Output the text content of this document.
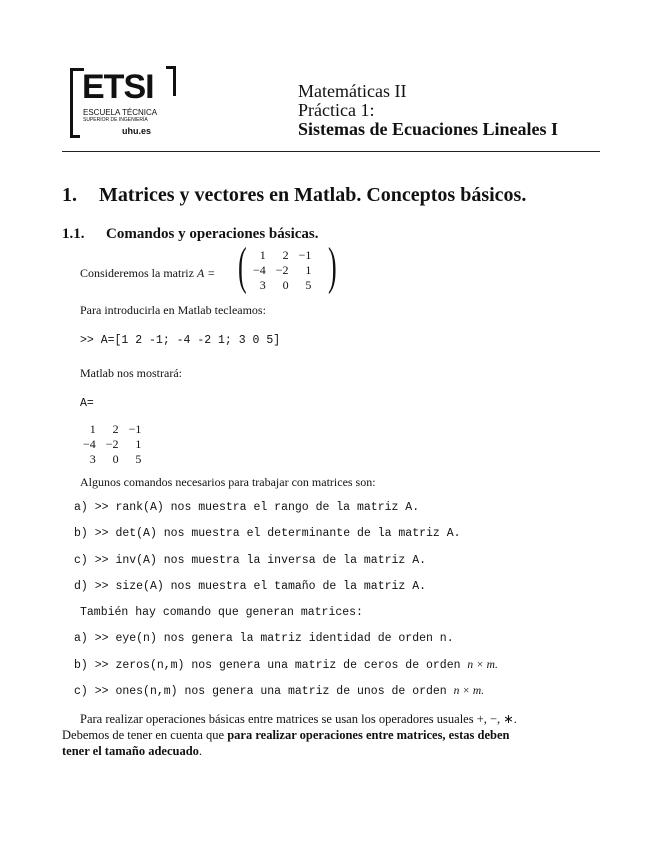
ETSI
ESCUELA TÉCNICA
SUPERIOR DE INGENIERÍA
uhu.es
Matemáticas II
Práctica 1:
Sistemas de Ecuaciones Lineales I
1. Matrices y vectores en Matlab. Conceptos básicos.
1.1. Comandos y operaciones básicas.
Consideremos la matriz A = ( 1	2	−1
−4	−2	1
3	0	5 )
Para introducirla en Matlab tecleamos:
>> A=[1 2 -1; -4 -2 1; 3 0 5]
Matlab nos mostrará:
A=
1	2	−1
−4	−2	1
3	0	5
Algunos comandos necesarios para trabajar con matrices son:
a) >> rank(A) nos muestra el rango de la matriz A.
b) >> det(A) nos muestra el determinante de la matriz A.
c) >> inv(A) nos muestra la inversa de la matriz A.
d) >> size(A) nos muestra el tamaño de la matriz A.
También hay comando que generan matrices:
a) >> eye(n) nos genera la matriz identidad de orden n.
b) >> zeros(n,m) nos genera una matriz de ceros de orden n × m.
c) >> ones(n,m) nos genera una matriz de unos de orden n × m.
Para realizar operaciones básicas entre matrices se usan los operadores usuales +, −, ∗.
Debemos de tener en cuenta que para realizar operaciones entre matrices, estas deben
tener el tamaño adecuado.
